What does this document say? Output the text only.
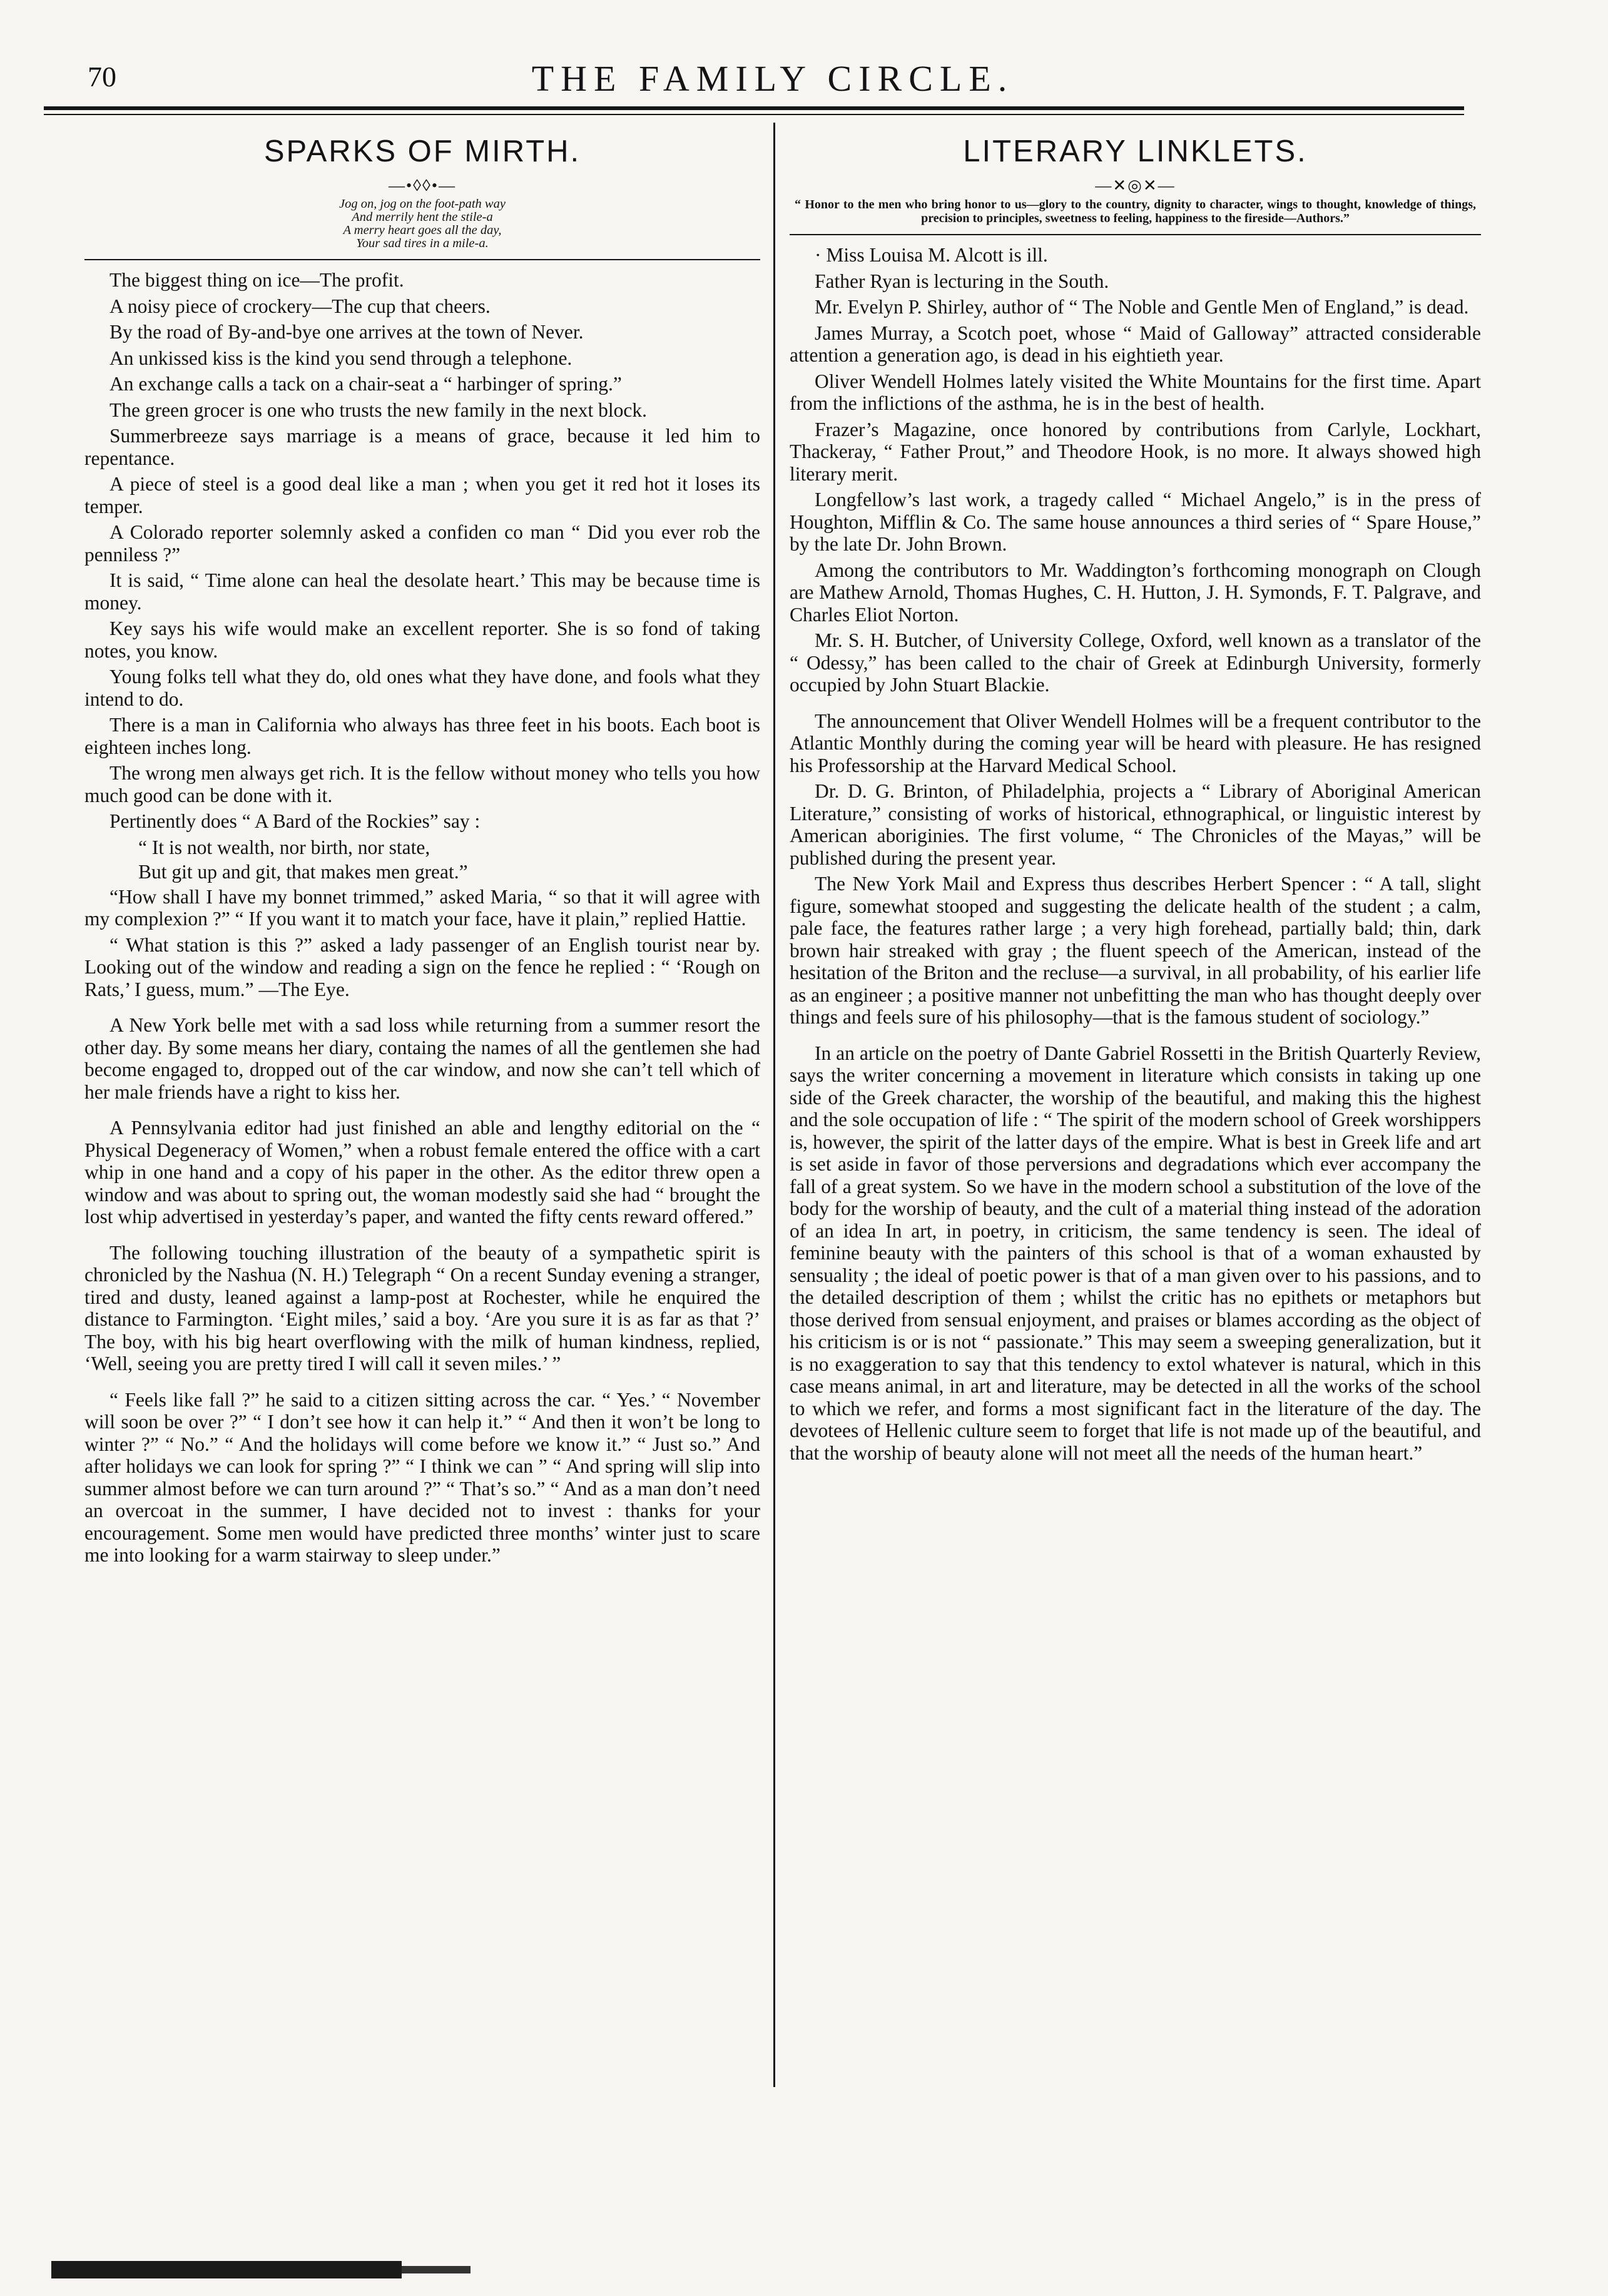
70	THE FAMILY CIRCLE.
SPARKS OF MIRTH.
—•◊◊•—
Jog on, jog on the foot-path way
And merrily hent the stile-a
A merry heart goes all the day,
Your sad tires in a mile-a.

The biggest thing on ice—The profit.

A noisy piece of crockery—The cup that cheers.

By the road of By-and-bye one arrives at the town of Never.

An unkissed kiss is the kind you send through a telephone.

An exchange calls a tack on a chair-seat a “ harbinger of spring.”

The green grocer is one who trusts the new family in the next block.

Summerbreeze says marriage is a means of grace, because it led him to repentance.

A piece of steel is a good deal like a man ; when you get it red hot it loses its temper.

A Colorado reporter solemnly asked a confiden co man “ Did you ever rob the penniless ?”

It is said, “ Time alone can heal the desolate heart.’ This may be because time is money.

Key says his wife would make an excellent reporter. She is so fond of taking notes, you know.

Young folks tell what they do, old ones what they have done, and fools what they intend to do.

There is a man in California who always has three feet in his boots. Each boot is eighteen inches long.

The wrong men always get rich. It is the fellow without money who tells you how much good can be done with it.

Pertinently does “ A Bard of the Rockies” say :

“ It is not wealth, nor birth, nor state,

But git up and git, that makes men great.”

“How shall I have my bonnet trimmed,” asked Maria, “ so that it will agree with my complexion ?” “ If you want it to match your face, have it plain,” replied Hattie.

“ What station is this ?” asked a lady passenger of an English tourist near by. Looking out of the window and reading a sign on the fence he replied : “ ‘Rough on Rats,’ I guess, mum.” —The Eye.

A New York belle met with a sad loss while returning from a summer resort the other day. By some means her diary, containg the names of all the gentlemen she had become engaged to, dropped out of the car window, and now she can’t tell which of her male friends have a right to kiss her.

A Pennsylvania editor had just finished an able and lengthy editorial on the “ Physical Degeneracy of Women,” when a robust female entered the office with a cart whip in one hand and a copy of his paper in the other. As the editor threw open a window and was about to spring out, the woman modestly said she had “ brought the lost whip advertised in yesterday’s paper, and wanted the fifty cents reward offered.”

The following touching illustration of the beauty of a sympathetic spirit is chronicled by the Nashua (N. H.) Telegraph “ On a recent Sunday evening a stranger, tired and dusty, leaned against a lamp-post at Rochester, while he enquired the distance to Farmington. ‘Eight miles,’ said a boy. ‘Are you sure it is as far as that ?’ The boy, with his big heart overflowing with the milk of human kindness, replied, ‘Well, seeing you are pretty tired I will call it seven miles.’ ”

“ Feels like fall ?” he said to a citizen sitting across the car. “ Yes.’ “ November will soon be over ?” “ I don’t see how it can help it.” “ And then it won’t be long to winter ?” “ No.” “ And the holidays will come before we know it.” “ Just so.” And after holidays we can look for spring ?” “ I think we can ” “ And spring will slip into summer almost before we can turn around ?” “ That’s so.” “ And as a man don’t need an overcoat in the summer, I have decided not to invest : thanks for your encouragement. Some men would have predicted three months’ winter just to scare me into looking for a warm stairway to sleep under.”

LITERARY LINKLETS.
—✕◎✕—
“ Honor to the men who bring honor to us—glory to the country, dignity to character, wings to thought, knowledge of things, precision to principles, sweetness to feeling, happiness to the fireside—Authors.”

· Miss Louisa M. Alcott is ill.

Father Ryan is lecturing in the South.

Mr. Evelyn P. Shirley, author of “ The Noble and Gentle Men of England,” is dead.

James Murray, a Scotch poet, whose “ Maid of Galloway” attracted considerable attention a generation ago, is dead in his eightieth year.

Oliver Wendell Holmes lately visited the White Mountains for the first time. Apart from the inflictions of the asthma, he is in the best of health.

Frazer’s Magazine, once honored by contributions from Carlyle, Lockhart, Thackeray, “ Father Prout,” and Theodore Hook, is no more. It always showed high literary merit.

Longfellow’s last work, a tragedy called “ Michael Angelo,” is in the press of Houghton, Mifflin & Co. The same house announces a third series of “ Spare House,” by the late Dr. John Brown.

Among the contributors to Mr. Waddington’s forthcoming monograph on Clough are Mathew Arnold, Thomas Hughes, C. H. Hutton, J. H. Symonds, F. T. Palgrave, and Charles Eliot Norton.

Mr. S. H. Butcher, of University College, Oxford, well known as a translator of the “ Odessy,” has been called to the chair of Greek at Edinburgh University, formerly occupied by John Stuart Blackie.

The announcement that Oliver Wendell Holmes will be a frequent contributor to the Atlantic Monthly during the coming year will be heard with pleasure. He has resigned his Professorship at the Harvard Medical School.

Dr. D. G. Brinton, of Philadelphia, projects a “ Library of Aboriginal American Literature,” consisting of works of historical, ethnographical, or linguistic interest by American aboriginies. The first volume, “ The Chronicles of the Mayas,” will be published during the present year.

The New York Mail and Express thus describes Herbert Spencer : “ A tall, slight figure, somewhat stooped and suggesting the delicate health of the student ; a calm, pale face, the features rather large ; a very high forehead, partially bald; thin, dark brown hair streaked with gray ; the fluent speech of the American, instead of the hesitation of the Briton and the recluse—a survival, in all probability, of his earlier life as an engineer ; a positive manner not unbefitting the man who has thought deeply over things and feels sure of his philosophy—that is the famous student of sociology.”

In an article on the poetry of Dante Gabriel Rossetti in the British Quarterly Review, says the writer concerning a movement in literature which consists in taking up one side of the Greek character, the worship of the beautiful, and making this the highest and the sole occupation of life : “ The spirit of the modern school of Greek worshippers is, however, the spirit of the latter days of the empire. What is best in Greek life and art is set aside in favor of those perversions and degradations which ever accompany the fall of a great system. So we have in the modern school a substitution of the love of the body for the worship of beauty, and the cult of a material thing instead of the adoration of an idea In art, in poetry, in criticism, the same tendency is seen. The ideal of feminine beauty with the painters of this school is that of a woman exhausted by sensuality ; the ideal of poetic power is that of a man given over to his passions, and to the detailed description of them ; whilst the critic has no epithets or metaphors but those derived from sensual enjoyment, and praises or blames according as the object of his criticism is or is not “ passionate.” This may seem a sweeping generalization, but it is no exaggeration to say that this tendency to extol whatever is natural, which in this case means animal, in art and literature, may be detected in all the works of the school to which we refer, and forms a most significant fact in the literature of the day. The devotees of Hellenic culture seem to forget that life is not made up of the beautiful, and that the worship of beauty alone will not meet all the needs of the human heart.”
